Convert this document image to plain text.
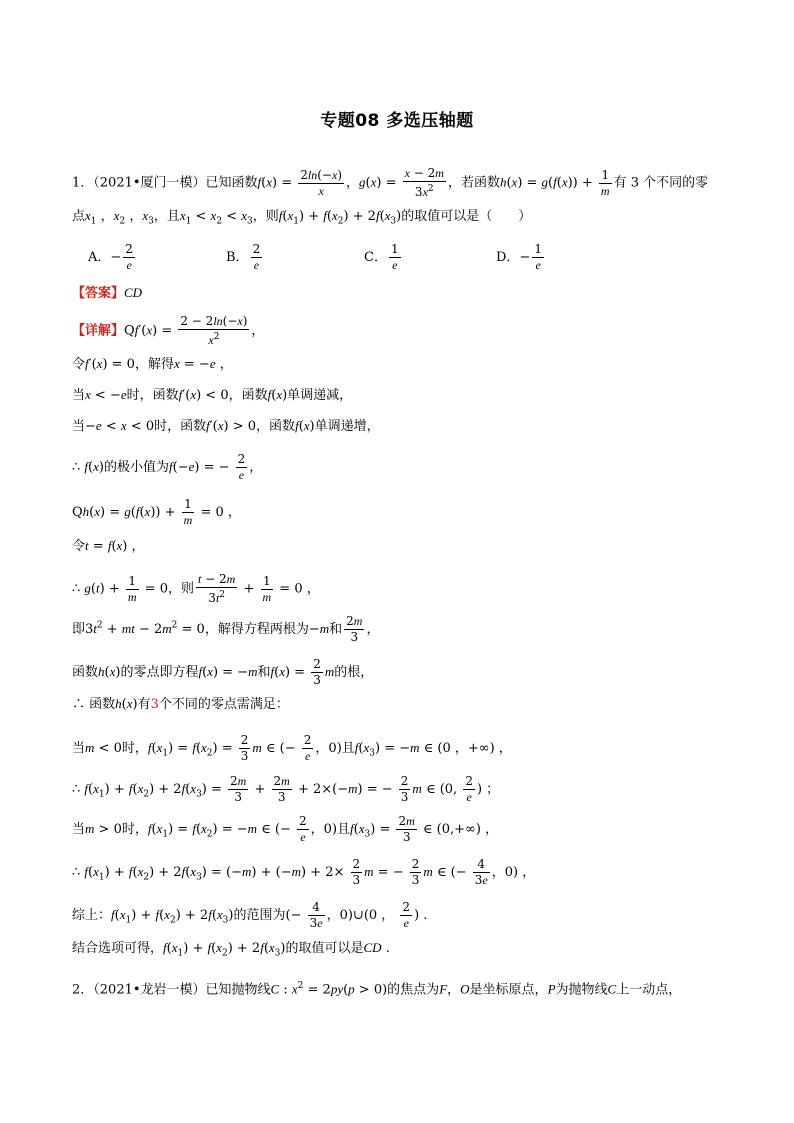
专题08 多选压轴题
1．（2021•厦门一模）已知函数$f(x) = \frac{2\ln(-x)}{x}$ ，$g(x) = \frac{x - 2m}{3x^2}$ ，若函数$h(x) = g(f(x)) + \frac{1}{m}$ 有 3 个不同的零
点$x_1$ ，$x_2$ ，$x_3$，且$x_1 < x_2 < x_3$，则$f(x_1) + f(x_2) + 2f(x_3)$的取值可以是（　　）
A．− $\frac{2}{e}$	B． $\frac{2}{e}$	C． $\frac{1}{e}$	D．− $\frac{1}{e}$
【答案】CD
【详解】$Qf'(x) = \frac{2 - 2\ln(-x)}{x^2}$ ，
令f′(x) = 0，解得x = −e ，
当x < −e时，函数f′(x) < 0，函数f(x)单调递减，
当−e < x < 0时，函数f′(x) > 0，函数f(x)单调递增，
∴ f(x)的极小值为f(−e) = − $\frac{2}{e}$ ，
$Qh(x) = g(f(x)) + \frac{1}{m} = 0$ ，
令t = f(x) ，
∴ $g(t) + \frac{1}{m} = 0$，则 $\frac{t - 2m}{3t^2} + \frac{1}{m} = 0$ ，
即$3t^2$ + mt − $2m^2 = 0$，解得方程两根为−m和 $\frac{2m}{3}$ ，
函数h(x)的零点即方程f(x) = −m和$f(x) = \frac{2}{3}$ m的根，
∴ 函数h(x)有3个不同的零点需满足：
当m < 0时，$f(x_1) = f(x_2) = \frac{2}{3}$ m ∈ (− $\frac{2}{e}$ ，0)且$f(x_3) = -m$ ∈ (0 ，+∞) ，
∴ $f(x_1) + f(x_2) + 2f(x_3) = \frac{2m}{3} + \frac{2m}{3} + 2\times(-m)$ = − $\frac{2}{3}$ m ∈ (0, $\frac{2}{e}$ ) ；
当m > 0时，$f(x_1) = f(x_2) = -m$ ∈ (− $\frac{2}{e}$ ，0)且$f(x_3) = \frac{2m}{3}$ ∈ (0,+∞) ，
∴ $f(x_1) + f(x_2) + 2f(x_3) = (-m) + (-m) + 2\times \frac{2}{3}$ m = − $\frac{2}{3}$ m ∈ (− $\frac{4}{3e}$ ，0) ，
综上：$f(x_1) + f(x_2) + 2f(x_3)$的范围为(− $\frac{4}{3e}$ ，0)∪(0 ， $\frac{2}{e}$ ) .
结合选项可得，$f(x_1) + f(x_2) + 2f(x_3)$的取值可以是CD .
2．（2021•龙岩一模）已知抛物线C : $x^2 = 2py(p > 0)$的焦点为F，O是坐标原点，P为抛物线C上一动点，
